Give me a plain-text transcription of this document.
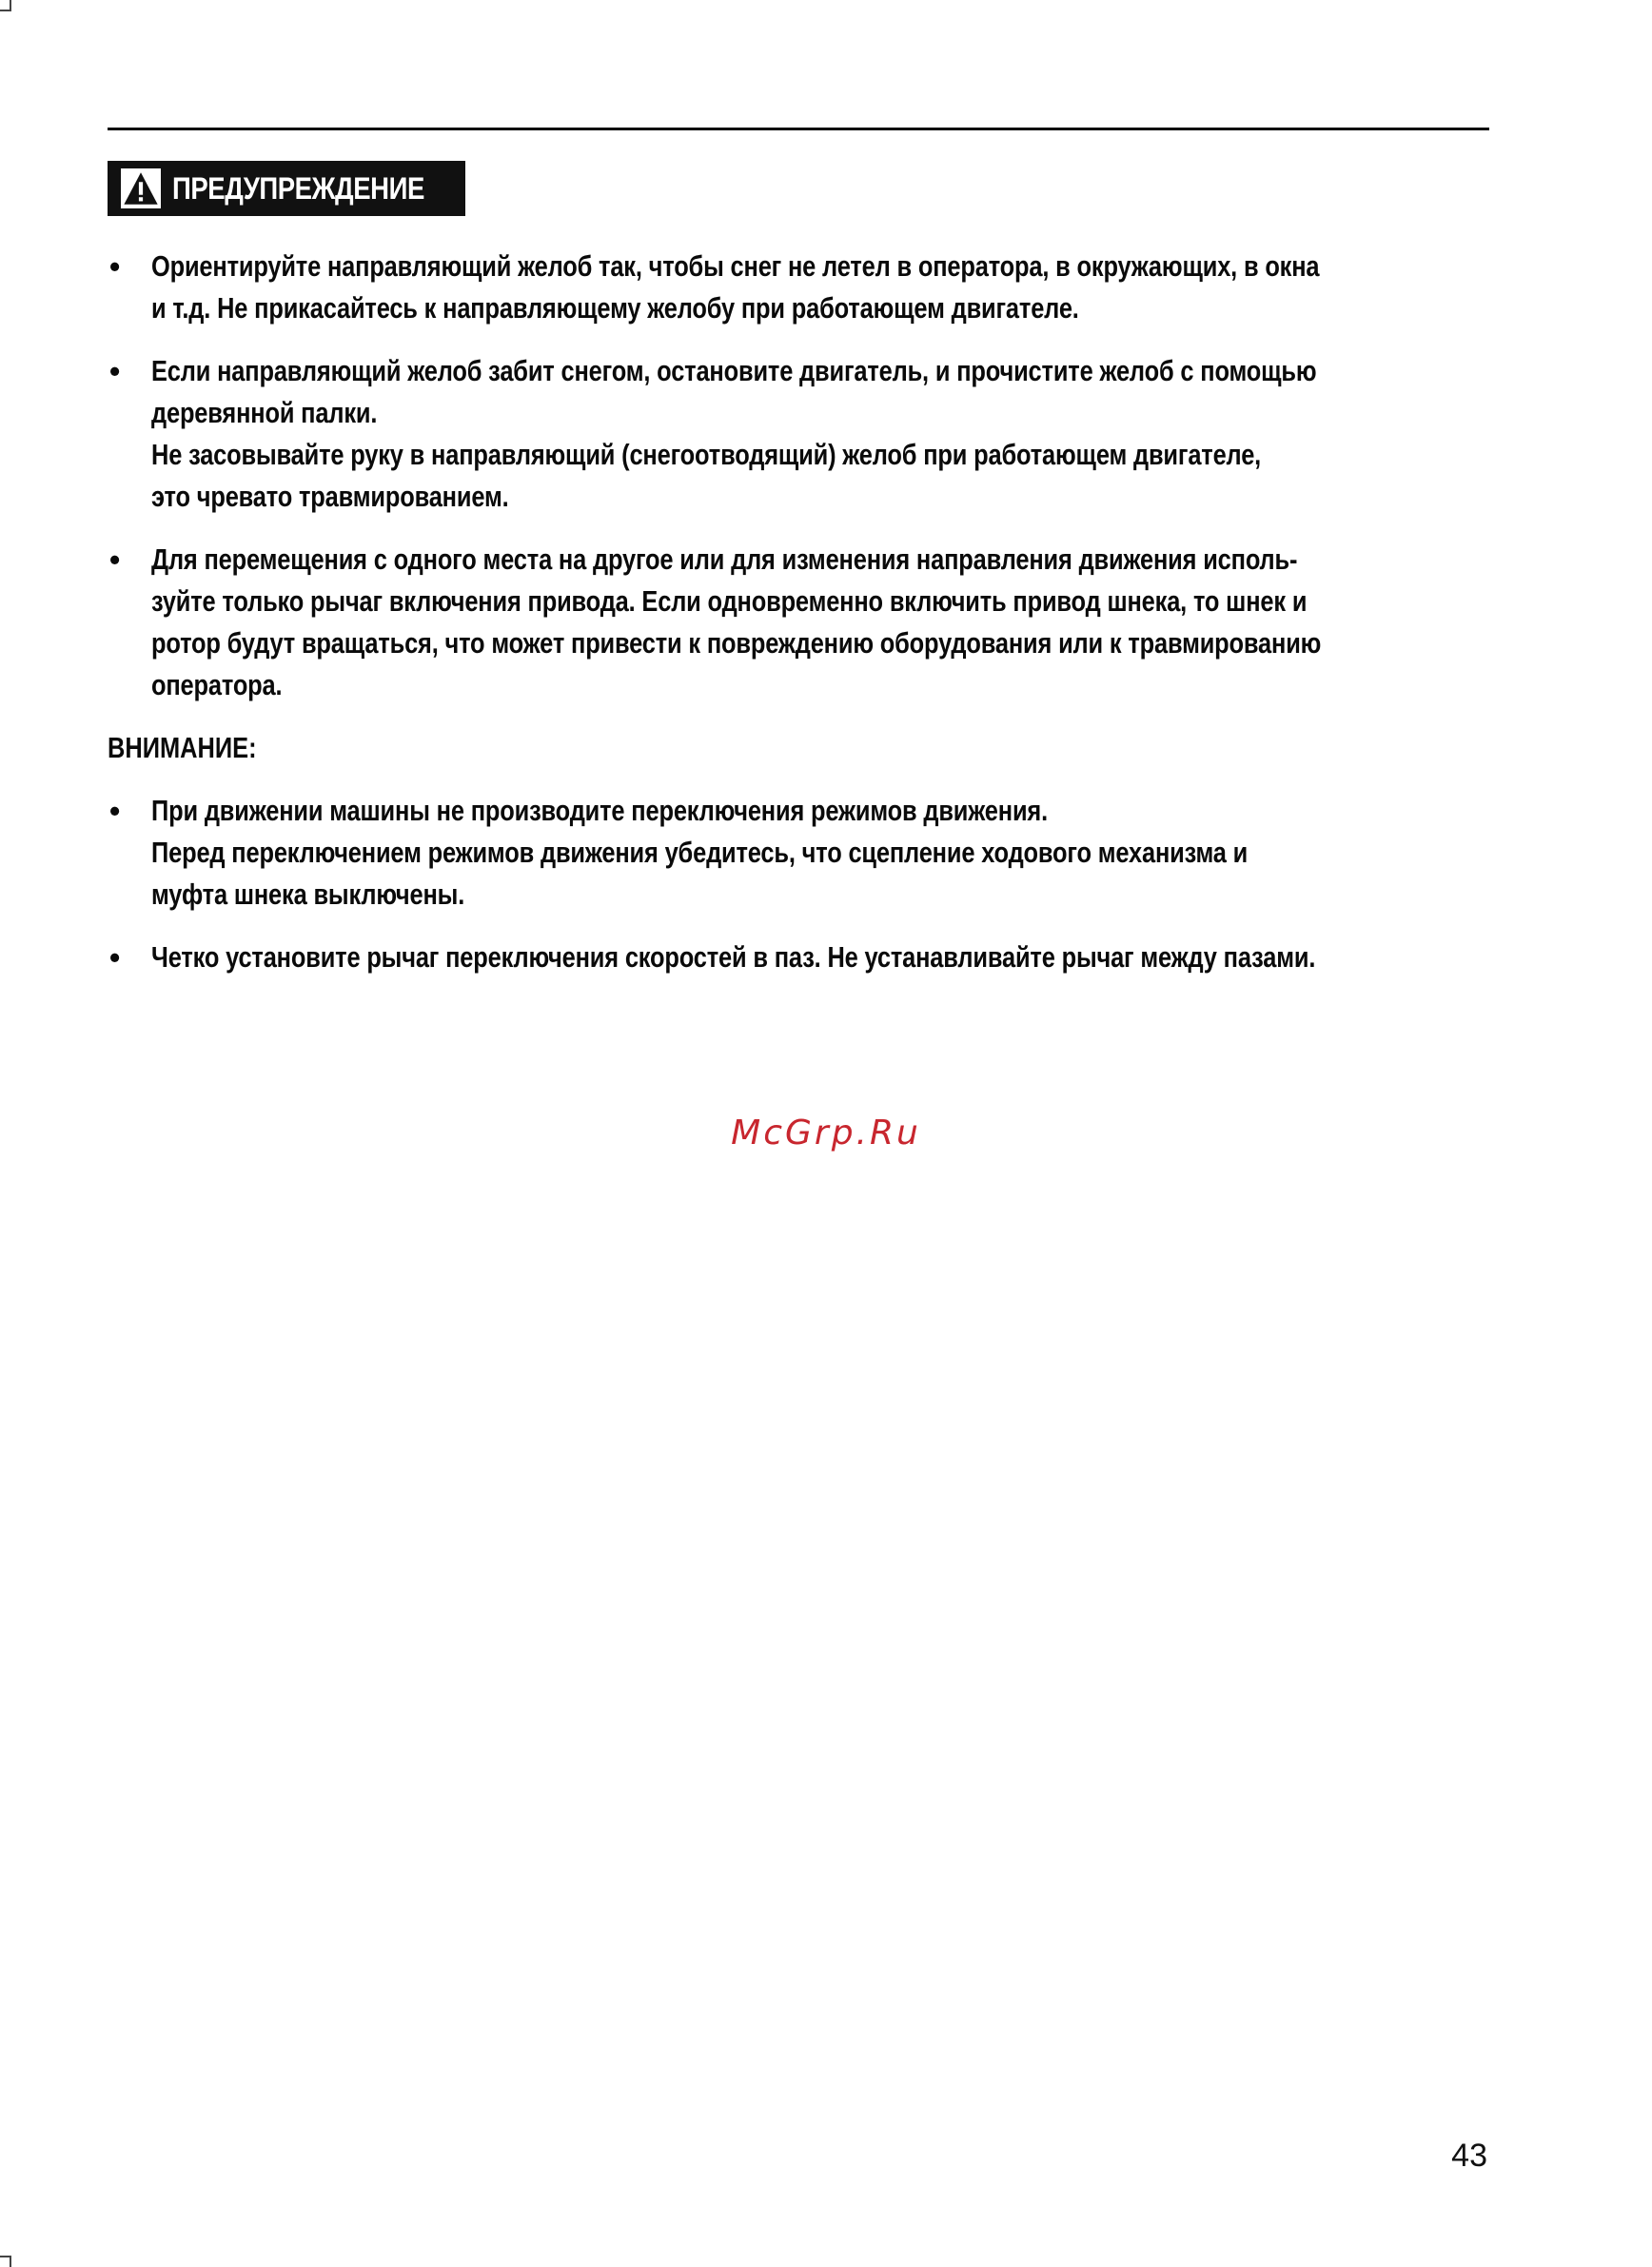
ПРЕДУПРЕЖДЕНИЕ
• Ориентируйте направляющий желоб так, чтобы снег не летел в оператора, в окружающих, в окна
и т.д. Не прикасайтесь к направляющему желобу при работающем двигателе.
• Если направляющий желоб забит снегом, остановите двигатель, и прочистите желоб с помощью
деревянной палки.
Не засовывайте руку в направляющий (снегоотводящий) желоб при работающем двигателе,
это чревато травмированием.
• Для перемещения с одного места на другое или для изменения направления движения исполь-
зуйте только рычаг включения привода. Если одновременно включить привод шнека, то шнек и
ротор будут вращаться, что может привести к повреждению оборудования или к травмированию
оператора.
ВНИМАНИЕ:
• При движении машины не производите переключения режимов движения.
Перед переключением режимов движения убедитесь, что сцепление ходового механизма и
муфта шнека выключены.
• Четко установите рычаг переключения скоростей в паз. Не устанавливайте рычаг между пазами.
McGrp.Ru
43
